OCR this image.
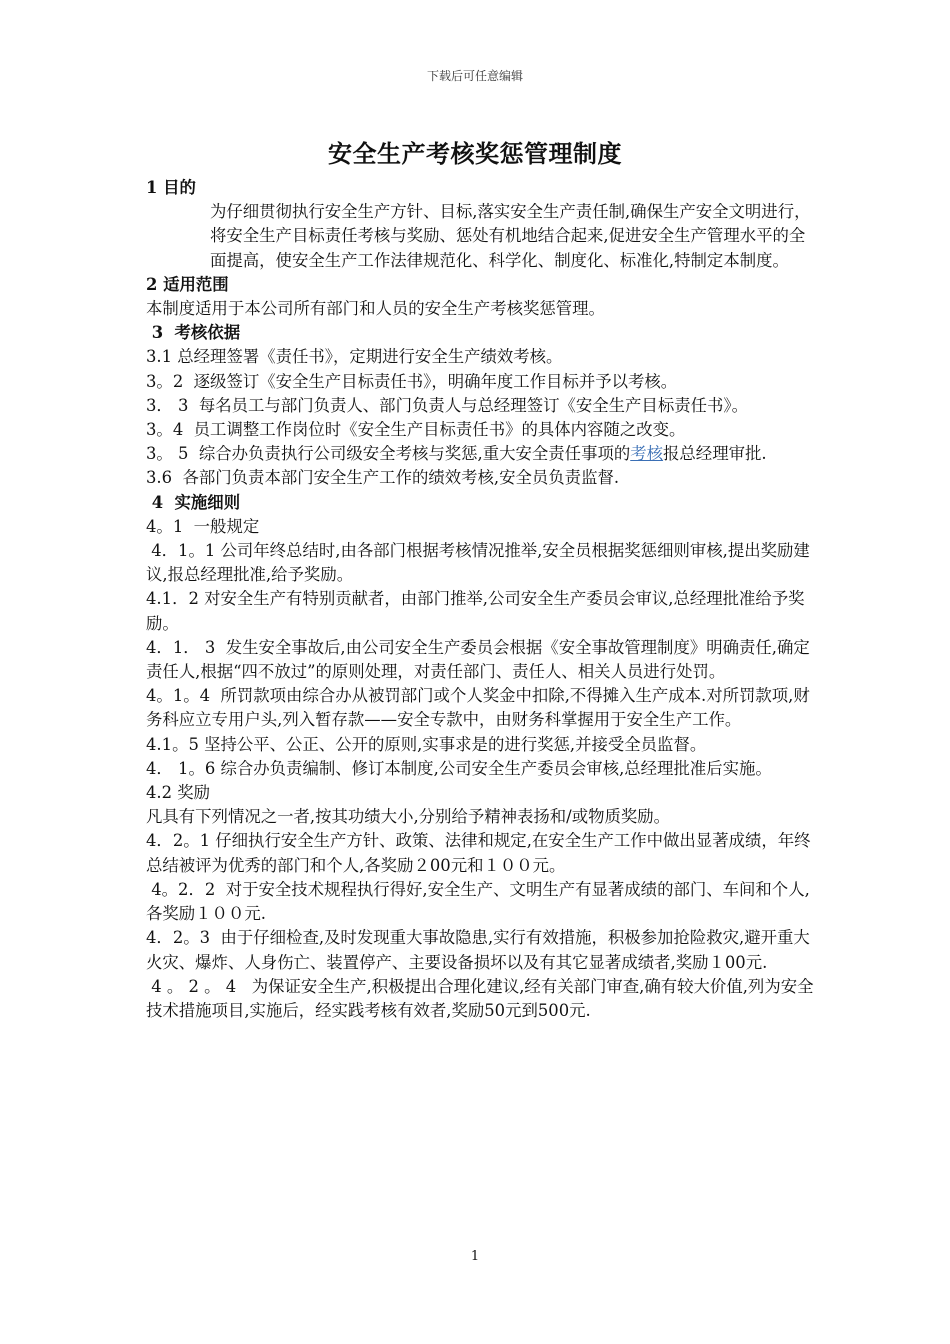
下载后可任意编辑
安全生产考核奖惩管理制度

1 目的

为仔细贯彻执行安全生产方针、目标,落实安全生产责任制,确保生产安全文明进行，将安全生产目标责任考核与奖励、惩处有机地结合起来,促进安全生产管理水平的全面提高，使安全生产工作法律规范化、科学化、制度化、标准化,特制定本制度。

2 适用范围

本制度适用于本公司所有部门和人员的安全生产考核奖惩管理。

3  考核依据

3.1 总经理签署《责任书》，定期进行安全生产绩效考核。

3。2  逐级签订《安全生产目标责任书》，明确年度工作目标并予以考核。

3． 3  每名员工与部门负责人、部门负责人与总经理签订《安全生产目标责任书》。

3。4  员工调整工作岗位时《安全生产目标责任书》的具体内容随之改变。

3。 5  综合办负责执行公司级安全考核与奖惩,重大安全责任事项的考核报总经理审批.

3.6  各部门负责本部门安全生产工作的绩效考核,安全员负责监督.

4  实施细则

4。1  一般规定

4．1。1 公司年终总结时,由各部门根据考核情况推举,安全员根据奖惩细则审核,提出奖励建议,报总经理批准,给予奖励。

4.1．2 对安全生产有特别贡献者，由部门推举,公司安全生产委员会审议,总经理批准给予奖励。

4．1． 3  发生安全事故后,由公司安全生产委员会根据《安全事故管理制度》明确责任,确定责任人,根据“四不放过”的原则处理，对责任部门、责任人、相关人员进行处罚。

4。1。4  所罚款项由综合办从被罚部门或个人奖金中扣除,不得摊入生产成本.对所罚款项,财务科应立专用户头,列入暂存款——安全专款中，由财务科掌握用于安全生产工作。

4.1。5 坚持公平、公正、公开的原则,实事求是的进行奖惩,并接受全员监督。

4． 1。6 综合办负责编制、修订本制度,公司安全生产委员会审核,总经理批准后实施。

4.2 奖励

凡具有下列情况之一者,按其功绩大小,分别给予精神表扬和/或物质奖励。

4．2。1 仔细执行安全生产方针、政策、法律和规定,在安全生产工作中做出显著成绩，年终总结被评为优秀的部门和个人,各奖励２00元和１００元。

4。2．2  对于安全技术规程执行得好,安全生产、文明生产有显著成绩的部门、车间和个人,各奖励１００元.

4．2。3  由于仔细检查,及时发现重大事故隐患,实行有效措施，积极参加抢险救灾,避开重大火灾、爆炸、人身伤亡、装置停产、主要设备损坏以及有其它显著成绩者,奖励１00元.

4 。 2 。 4   为保证安全生产,积极提出合理化建议,经有关部门审查,确有较大价值,列为安全技术措施项目,实施后，经实践考核有效者,奖励50元到500元.

1
